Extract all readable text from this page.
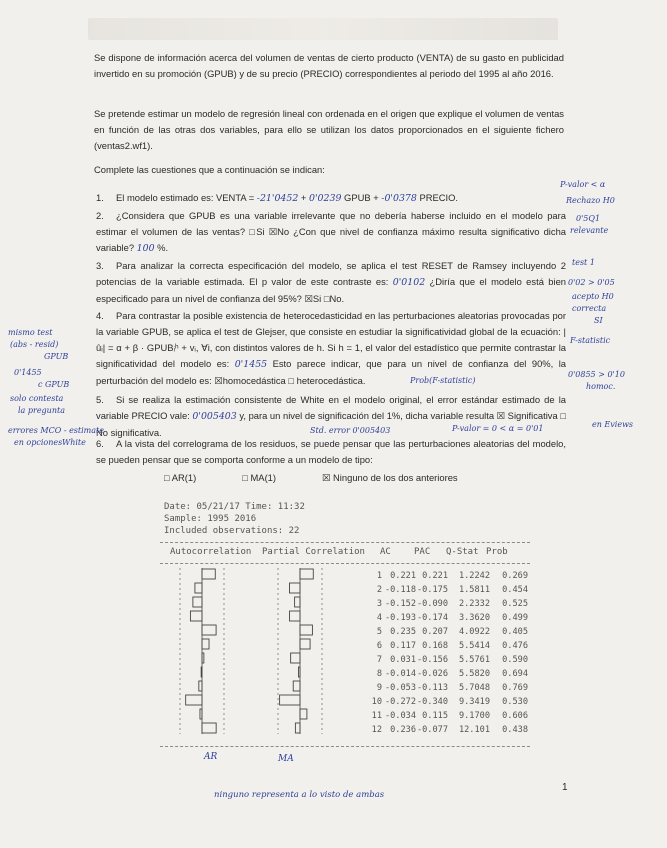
Se dispone de información acerca del volumen de ventas de cierto producto (VENTA) de su gasto en publicidad invertido en su promoción (GPUB) y de su precio (PRECIO) correspondientes al periodo del 1995 al año 2016.
Se pretende estimar un modelo de regresión lineal con ordenada en el origen que explique el volumen de ventas en función de las otras dos variables, para ello se utilizan los datos proporcionados en el siguiente fichero (ventas2.wf1).
Complete las cuestiones que a continuación se indican:
1. El modelo estimado es: VENTA = -21'0452 + 0'0239 GPUB + -0'0378 PRECIO.
2. ¿Considera que GPUB es una variable irrelevante que no debería haberse incluido en el modelo para estimar el volumen de las ventas? □Si ☒No ¿Con que nivel de confianza máximo resulta significativo dicha variable? 100 %.
3. Para analizar la correcta especificación del modelo, se aplica el test RESET de Ramsey incluyendo 2 potencias de la variable estimada. El p valor de este contraste es: 0'0102 ¿Diría que el modelo está bien especificado para un nivel de confianza del 95%? ☒Si □No.
4. Para contrastar la posible existencia de heterocedasticidad en las perturbaciones aleatorias provocadas por la variable GPUB, se aplica el test de Glejser, que consiste en estudiar la significatividad global de la ecuación: |ûᵢ| = α + β · GPUBᵢʰ + vᵢ, ∀i, con distintos valores de h. Si h = 1, el valor del estadístico que permite contrastar la significatividad del modelo es: 0'1455 Esto parece indicar, que para un nivel de confianza del 90%, la perturbación del modelo es: ☒homocedástica □ heterocedástica.
5. Si se realiza la estimación consistente de White en el modelo original, el error estándar estimado de la variable PRECIO vale: 0'005403 y, para un nivel de significación del 1%, dicha variable resulta ☒ Significativa □ No significativa.
6. A la vista del correlograma de los residuos, se puede pensar que las perturbaciones aleatorias del modelo, se pueden pensar que se comporta conforme a un modelo de tipo:
□ AR(1)	□ MA(1)	☒ Ninguno de los dos anteriores
P-valor < α
Rechazo H0
0'5Q1
relevante
test 1
0'02 > 0'05
acepto H0
correcta
SI
F-statistic
0'0855 > 0'10
homoc.
en Eviews
mismo test
(abs - resid)
GPUB
0'1455
c GPUB
solo contesta
la pregunta
errores MCO - estimate
en opciones White
Prob(F-statistic)
Std. error 0'005403	P-valor = 0 < α = 0'01
Date: 05/21/17 Time: 11:32
Sample: 1995 2016
Included observations: 22
Autocorrelation Partial Correlation AC	PAC Q-Stat Prob
1 0.221 0.221 1.2242 0.269
2 -0.118 -0.175 1.5811 0.454
3 -0.152 -0.090 2.2332 0.525
4 -0.193 -0.174 3.3620 0.499
5 0.235 0.207 4.0922 0.405
6 0.117 0.168 5.5414 0.476
7 0.031 -0.156 5.5761 0.590
8 -0.014 -0.026 5.5820 0.694
9 -0.053 -0.113 5.7048 0.769
10 -0.272 -0.340 9.3419 0.530
11 -0.034 0.115 9.1700 0.606
12 0.236 -0.077 12.101 0.438
AR	MA
ninguno representa a lo visto de ambas
1
